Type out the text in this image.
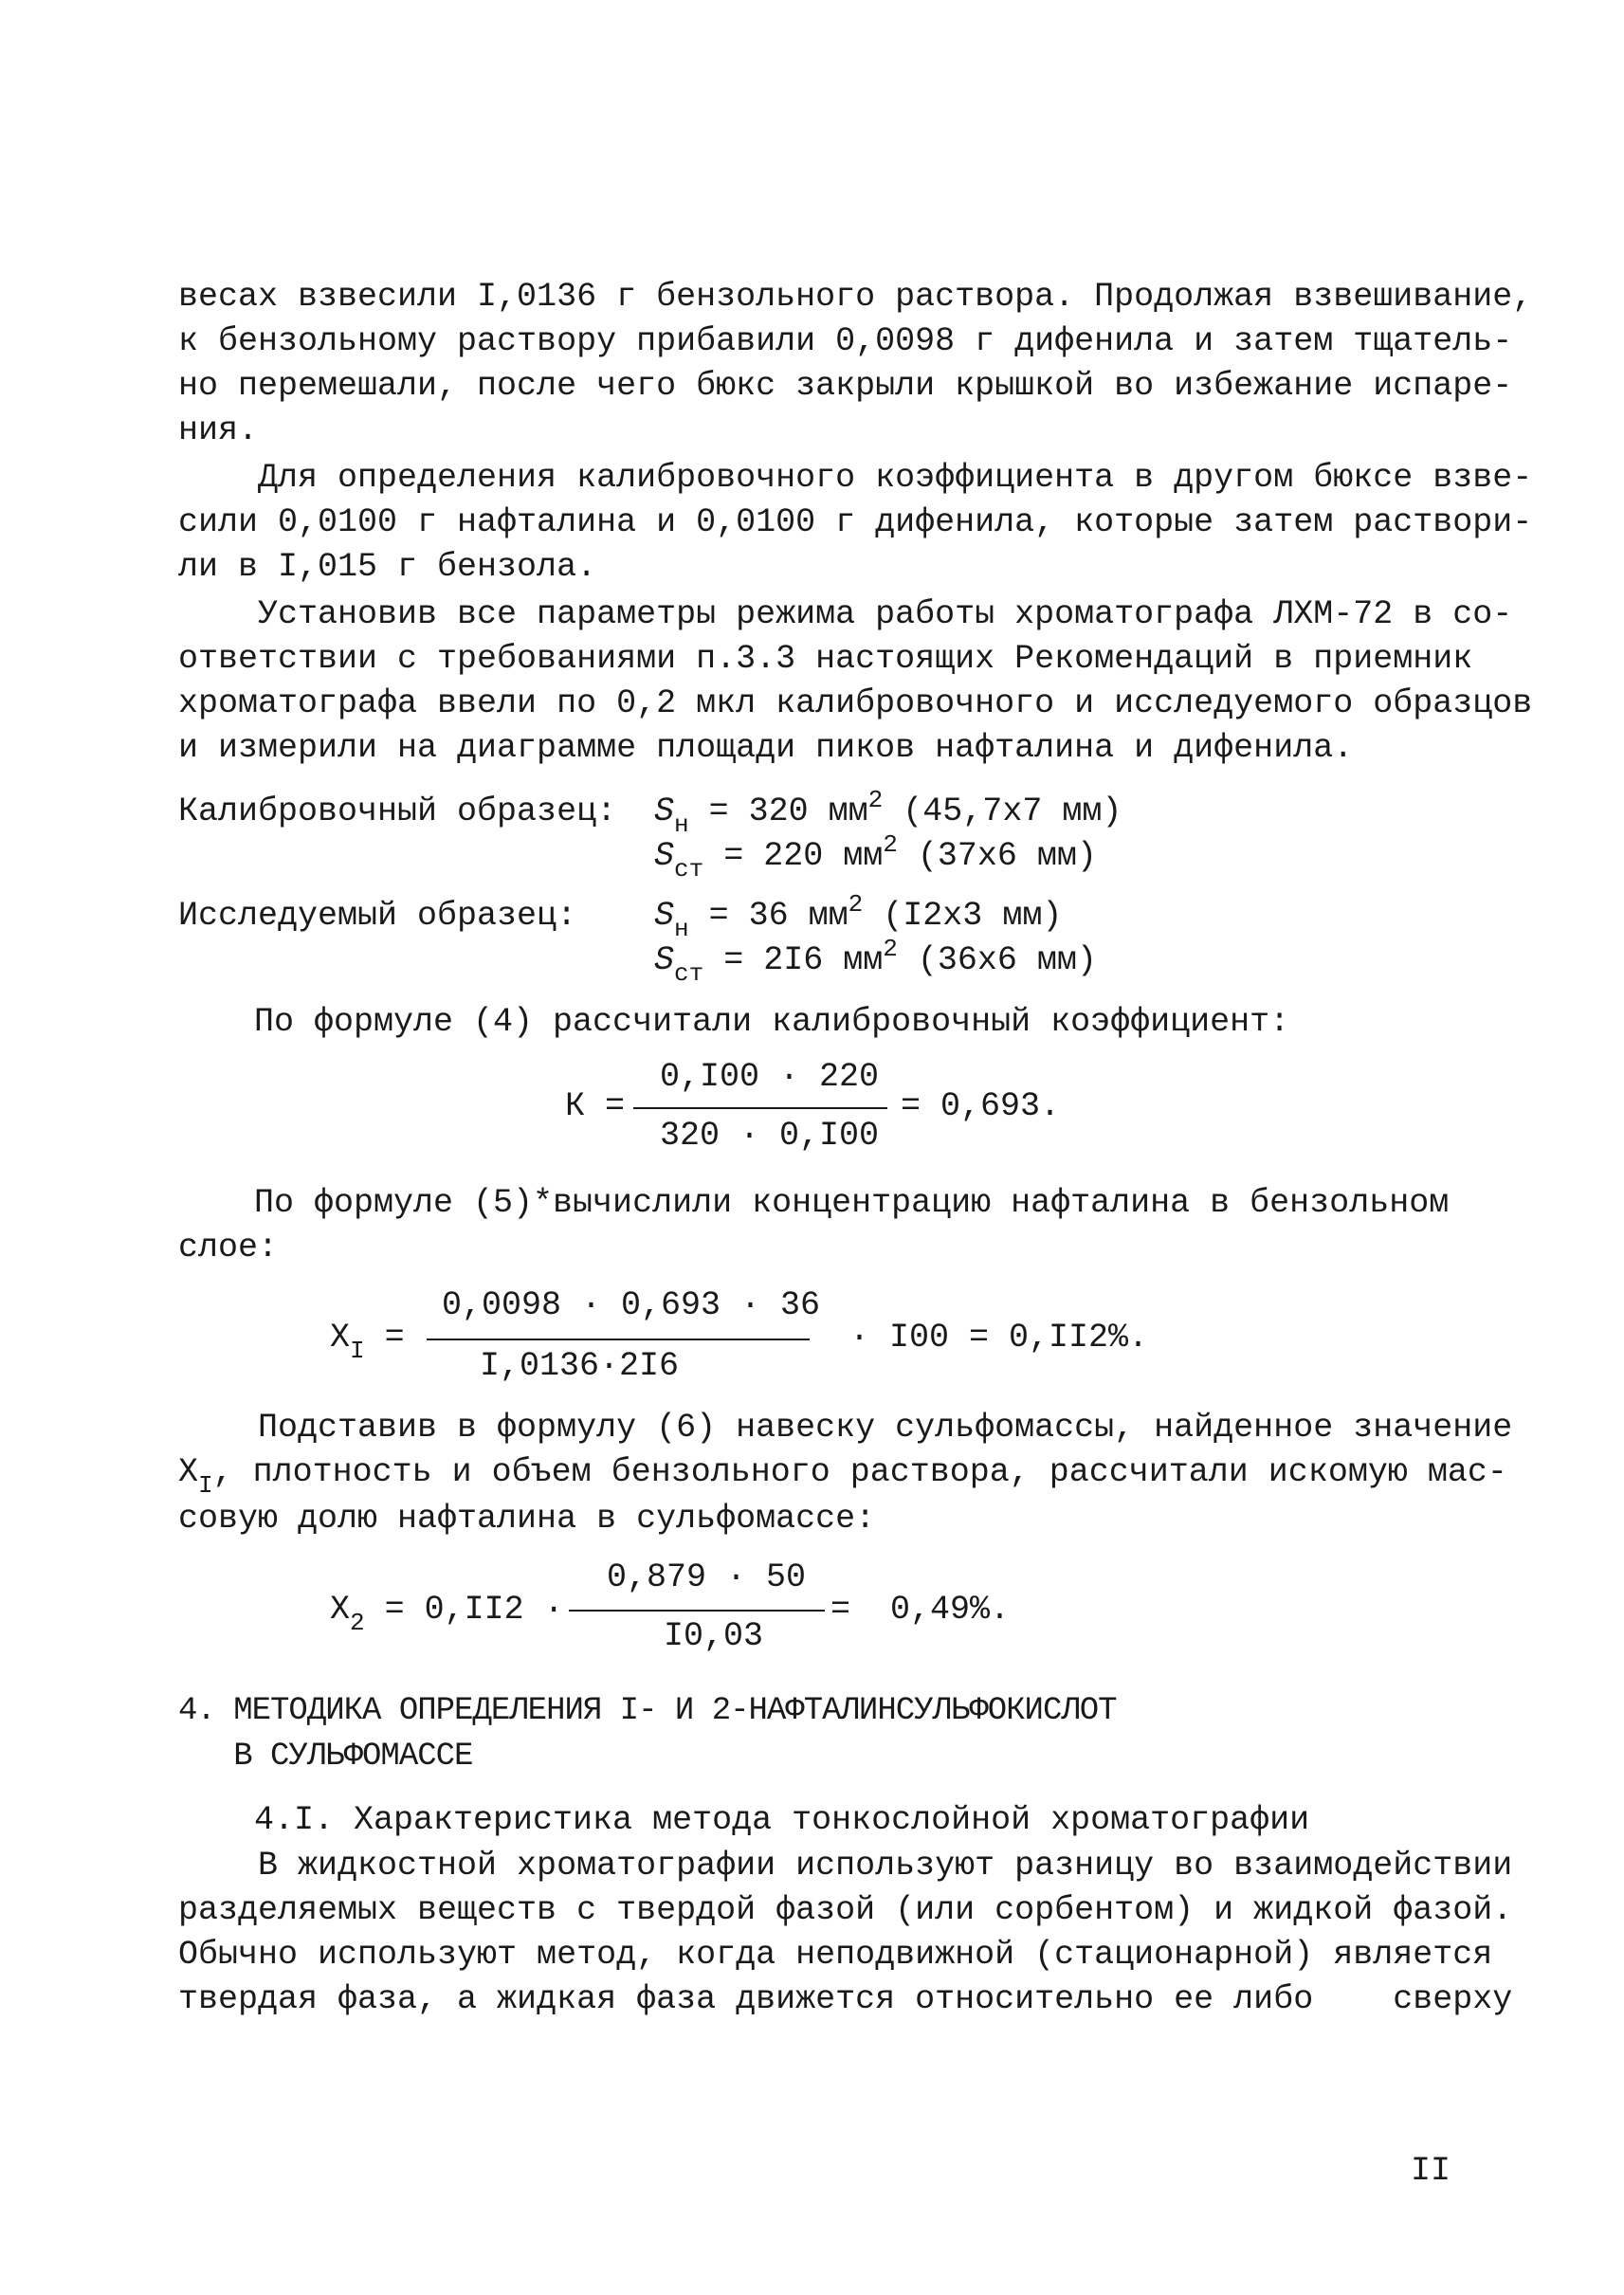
весах взвесили I,0136 г бензольного раствора. Продолжая взвешивание,
к бензольному раствору прибавили 0,0098 г дифенила и затем тщатель-
но перемешали, после чего бюкс закрыли крышкой во избежание испаре-
ния.
Для определения калибровочного коэффициента в другом бюксе взве-
сили 0,0100 г нафталина и 0,0100 г дифенила, которые затем раствори-
ли в I,015 г бензола.
Установив все параметры режима работы хроматографа ЛХМ-72 в со-
ответствии с требованиями п.3.3 настоящих Рекомендаций в приемник
хроматографа ввели по 0,2 мкл калибровочного и исследуемого образцов
и измерили на диаграмме площади пиков нафталина и дифенила.
Калибровочный образец: $S_н = 320$ $мм^2$ (45,7х7 мм)
$S_{ст} = 220$ $мм^2$ (37х6 мм)
Исследуемый образец: $S_н = 36$ $мм^2$ (I2х3 мм)
$S_{ст} = 2I6$ $мм^2$ (36х6 мм)
По формуле (4) рассчитали калибровочный коэффициент:
К =
0,I00 · 220
320 · 0,I00
= 0,693.
По формуле (5)*вычислили концентрацию нафталина в бензольном
слое:
$Х_I$ =
0,0098 · 0,693 · 36
I,0136·2I6
· I00 = 0,II2%.
Подставив в формулу (6) навеску сульфомассы, найденное значение
$Х_I$, плотность и объем бензольного раствора, рассчитали искомую мас-
совую долю нафталина в сульфомассе:
$Х_2 = 0,II2$ ·
0,879 · 50
I0,03
=  0,49%.
4. МЕТОДИКА ОПРЕДЕЛЕНИЯ I- И 2-НАФТАЛИНСУЛЬФОКИСЛОТ
В СУЛЬФОМАССЕ
4.I. Характеристика метода тонкослойной хроматографии
В жидкостной хроматографии используют разницу во взаимодействии
разделяемых веществ с твердой фазой (или сорбентом) и жидкой фазой.
Обычно используют метод, когда неподвижной (стационарной) является
твердая фаза, а жидкая фаза движется относительно ее либо    сверху
II
